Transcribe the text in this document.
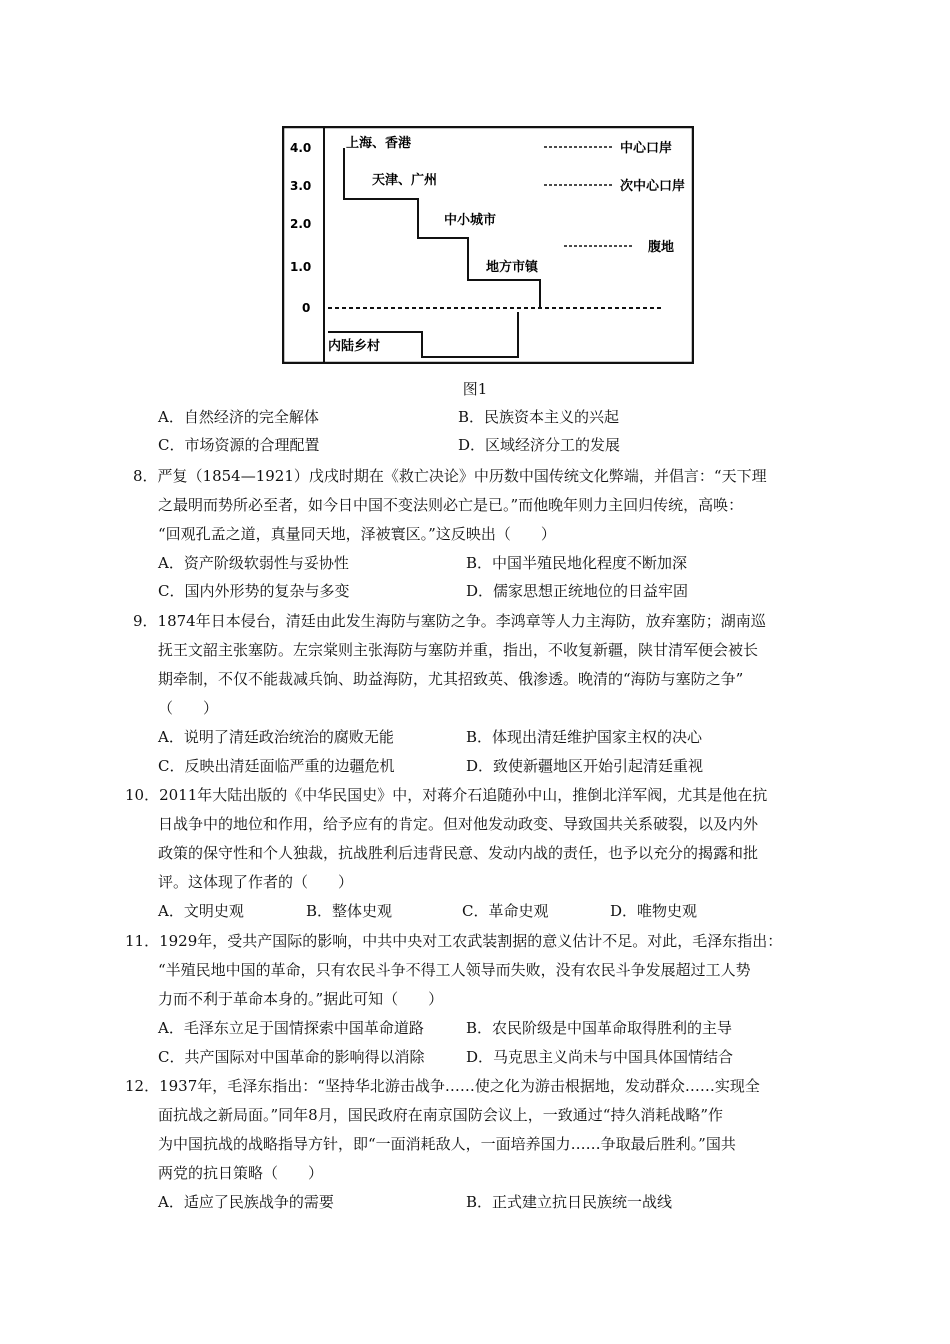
4.0
3.0
2.0
1.0
0
上海、香港
天津、广州
中小城市
地方市镇
内陆乡村
中心口岸
次中心口岸
腹地
图1
A．自然经济的完全解体	B．民族资本主义的兴起
C．市场资源的合理配置	D．区域经济分工的发展
8．严复（1854—1921）戊戌时期在《救亡决论》中历数中国传统文化弊端，并倡言：“天下理
之最明而势所必至者，如今日中国不变法则必亡是已。”而他晚年则力主回归传统，高唤：
“回观孔孟之道，真量同天地，泽被寰区。”这反映出（　　）
A．资产阶级软弱性与妥协性	B．中国半殖民地化程度不断加深
C．国内外形势的复杂与多变	D．儒家思想正统地位的日益牢固
9．1874年日本侵台，清廷由此发生海防与塞防之争。李鸿章等人力主海防，放弃塞防；湖南巡
抚王文韶主张塞防。左宗棠则主张海防与塞防并重，指出，不收复新疆，陕甘清军便会被长
期牵制，不仅不能裁减兵饷、助益海防，尤其招致英、俄渗透。晚清的“海防与塞防之争”
（　　）
A．说明了清廷政治统治的腐败无能	B．体现出清廷维护国家主权的决心
C．反映出清廷面临严重的边疆危机	D．致使新疆地区开始引起清廷重视
10．2011年大陆出版的《中华民国史》中，对蒋介石追随孙中山，推倒北洋军阀，尤其是他在抗
日战争中的地位和作用，给予应有的肯定。但对他发动政变、导致国共关系破裂，以及内外
政策的保守性和个人独裁，抗战胜利后违背民意、发动内战的责任，也予以充分的揭露和批
评。这体现了作者的（　　）
A．文明史观	B．整体史观	C．革命史观	D．唯物史观
11．1929年，受共产国际的影响，中共中央对工农武装割据的意义估计不足。对此，毛泽东指出：
“半殖民地中国的革命，只有农民斗争不得工人领导而失败，没有农民斗争发展超过工人势
力而不利于革命本身的。”据此可知（　　）
A．毛泽东立足于国情探索中国革命道路	B．农民阶级是中国革命取得胜利的主导
C．共产国际对中国革命的影响得以消除	D．马克思主义尚未与中国具体国情结合
12．1937年，毛泽东指出：“坚持华北游击战争……使之化为游击根据地，发动群众……实现全
面抗战之新局面。”同年8月，国民政府在南京国防会议上，一致通过“持久消耗战略”作
为中国抗战的战略指导方针，即“一面消耗敌人，一面培养国力……争取最后胜利。”国共
两党的抗日策略（　　）
A．适应了民族战争的需要	B．正式建立抗日民族统一战线
